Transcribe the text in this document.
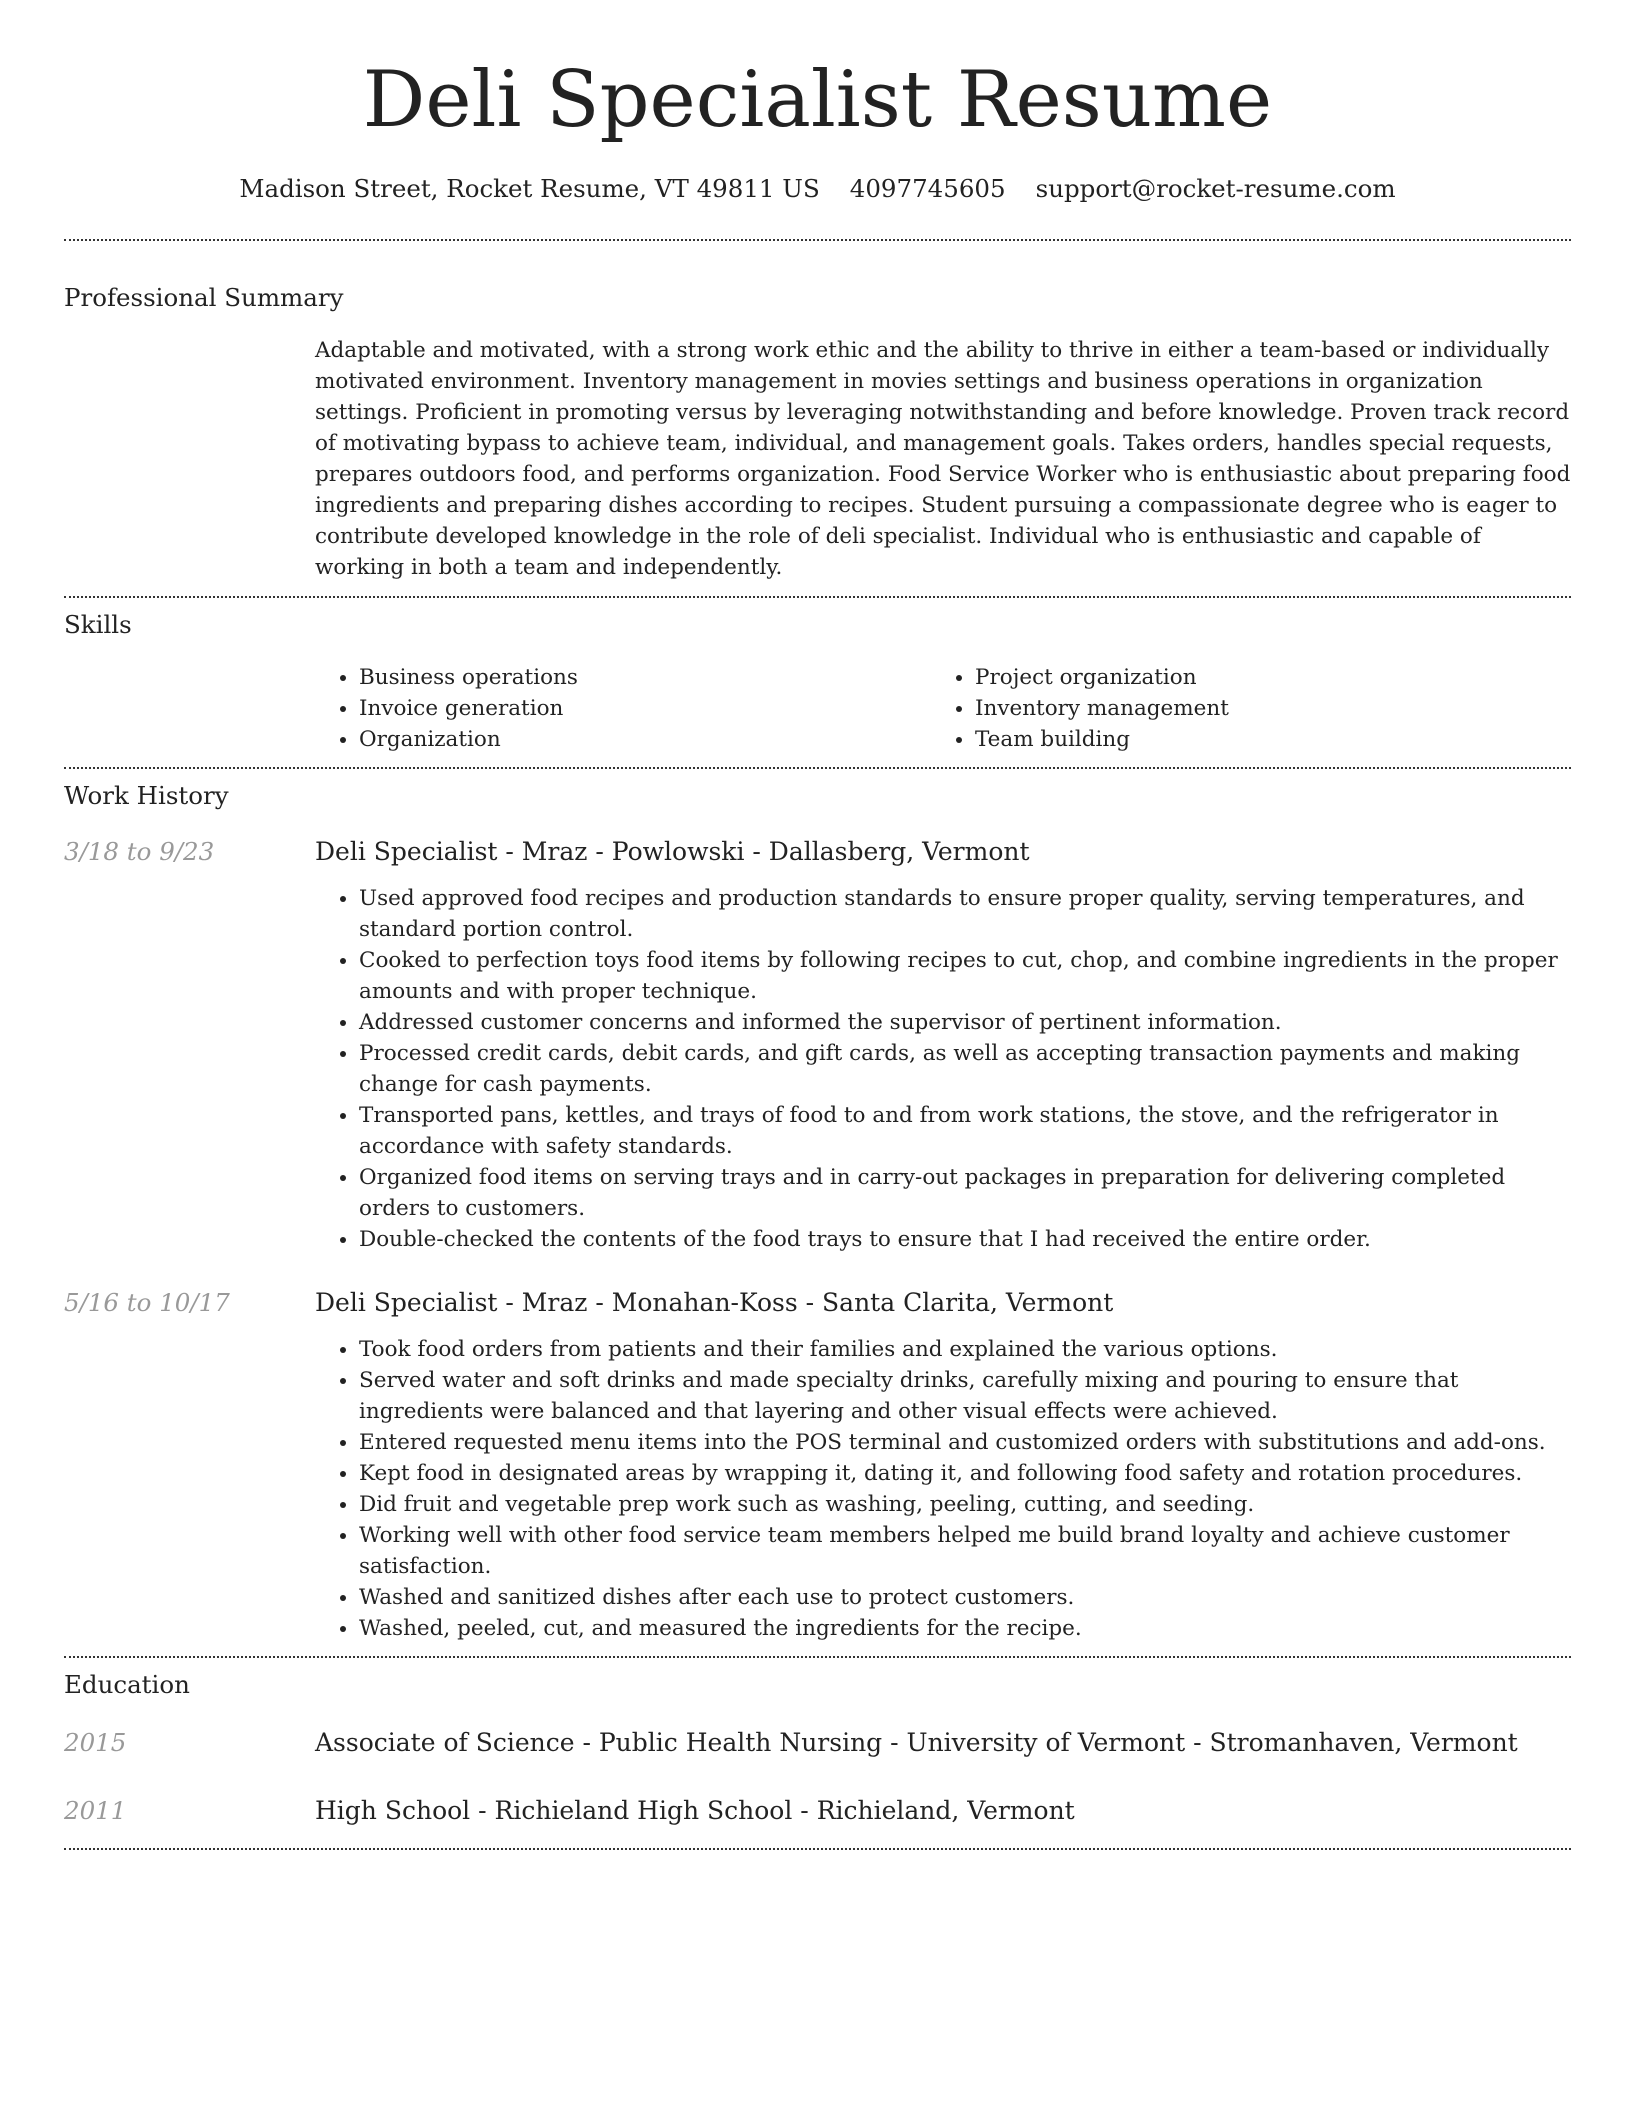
Deli Specialist Resume
Madison Street, Rocket Resume, VT 49811 US 4097745605 support@rocket-resume.com
Professional Summary

Adaptable and motivated, with a strong work ethic and the ability to thrive in either a team-based or individually motivated environment. Inventory management in movies settings and business operations in organization settings. Proficient in promoting versus by leveraging notwithstanding and before knowledge. Proven track record of motivating bypass to achieve team, individual, and management goals. Takes orders, handles special requests, prepares outdoors food, and performs organization. Food Service Worker who is enthusiastic about preparing food ingredients and preparing dishes according to recipes. Student pursuing a compassionate degree who is eager to contribute developed knowledge in the role of deli specialist. Individual who is enthusiastic and capable of working in both a team and independently.

Skills
• Business operations
• Invoice generation
• Organization
• Project organization
• Inventory management
• Team building
Work History
3/18 to 9/23	Deli Specialist - Mraz - Powlowski - Dallasberg, Vermont
• Used approved food recipes and production standards to ensure proper quality, serving temperatures, and standard portion control.
• Cooked to perfection toys food items by following recipes to cut, chop, and combine ingredients in the proper amounts and with proper technique.
• Addressed customer concerns and informed the supervisor of pertinent information.
• Processed credit cards, debit cards, and gift cards, as well as accepting transaction payments and making change for cash payments.
• Transported pans, kettles, and trays of food to and from work stations, the stove, and the refrigerator in accordance with safety standards.
• Organized food items on serving trays and in carry-out packages in preparation for delivering completed orders to customers.
• Double-checked the contents of the food trays to ensure that I had received the entire order.
5/16 to 10/17	Deli Specialist - Mraz - Monahan-Koss - Santa Clarita, Vermont
• Took food orders from patients and their families and explained the various options.
• Served water and soft drinks and made specialty drinks, carefully mixing and pouring to ensure that ingredients were balanced and that layering and other visual effects were achieved.
• Entered requested menu items into the POS terminal and customized orders with substitutions and add-ons.
• Kept food in designated areas by wrapping it, dating it, and following food safety and rotation procedures.
• Did fruit and vegetable prep work such as washing, peeling, cutting, and seeding.
• Working well with other food service team members helped me build brand loyalty and achieve customer satisfaction.
• Washed and sanitized dishes after each use to protect customers.
• Washed, peeled, cut, and measured the ingredients for the recipe.
Education
2015	Associate of Science - Public Health Nursing - University of Vermont - Stromanhaven, Vermont
2011	High School - Richieland High School - Richieland, Vermont
